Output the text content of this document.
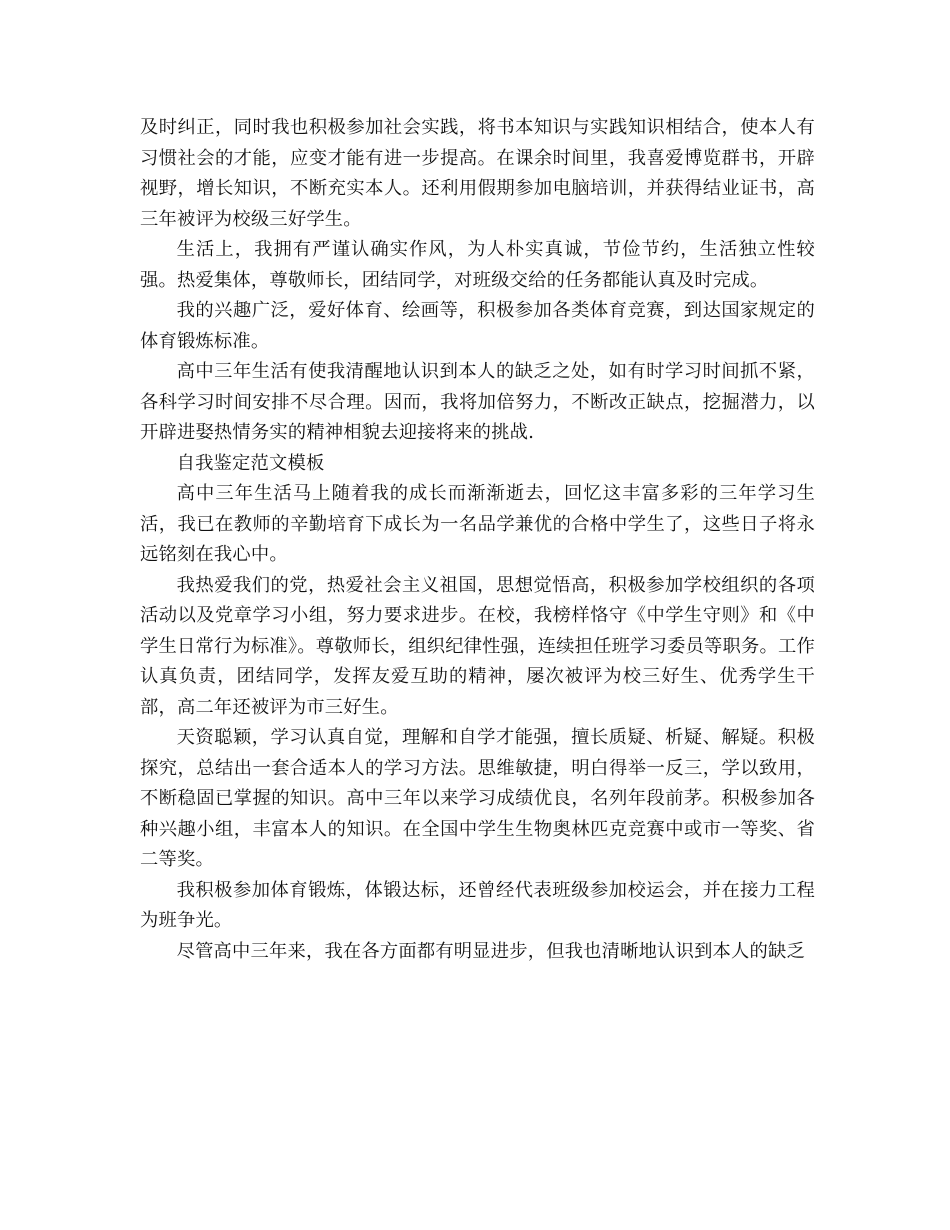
及时纠正，同时我也积极参加社会实践，将书本知识与实践知识相结合，使本人有习惯社会的才能，应变才能有进一步提高。在课余时间里，我喜爱博览群书，开辟视野，增长知识，不断充实本人。还利用假期参加电脑培训，并获得结业证书，高三年被评为校级三好学生。

生活上，我拥有严谨认确实作风，为人朴实真诚，节俭节约，生活独立性较强。热爱集体，尊敬师长，团结同学，对班级交给的任务都能认真及时完成。

我的兴趣广泛，爱好体育、绘画等，积极参加各类体育竞赛，到达国家规定的体育锻炼标准。

高中三年生活有使我清醒地认识到本人的缺乏之处，如有时学习时间抓不紧，各科学习时间安排不尽合理。因而，我将加倍努力，不断改正缺点，挖掘潜力，以开辟进娶热情务实的精神相貌去迎接将来的挑战.

自我鉴定范文模板

高中三年生活马上随着我的成长而渐渐逝去，回忆这丰富多彩的三年学习生活，我已在教师的辛勤培育下成长为一名品学兼优的合格中学生了，这些日子将永远铭刻在我心中。

我热爱我们的党，热爱社会主义祖国，思想觉悟高，积极参加学校组织的各项活动以及党章学习小组，努力要求进步。在校，我榜样恪守《中学生守则》和《中学生日常行为标准》。尊敬师长，组织纪律性强，连续担任班学习委员等职务。工作认真负责，团结同学，发挥友爱互助的精神，屡次被评为校三好生、优秀学生干部，高二年还被评为市三好生。

天资聪颖，学习认真自觉，理解和自学才能强，擅长质疑、析疑、解疑。积极探究，总结出一套合适本人的学习方法。思维敏捷，明白得举一反三，学以致用，不断稳固已掌握的知识。高中三年以来学习成绩优良，名列年段前茅。积极参加各种兴趣小组，丰富本人的知识。在全国中学生生物奥林匹克竞赛中或市一等奖、省二等奖。

我积极参加体育锻炼，体锻达标，还曾经代表班级参加校运会，并在接力工程为班争光。

尽管高中三年来，我在各方面都有明显进步，但我也清晰地认识到本人的缺乏
